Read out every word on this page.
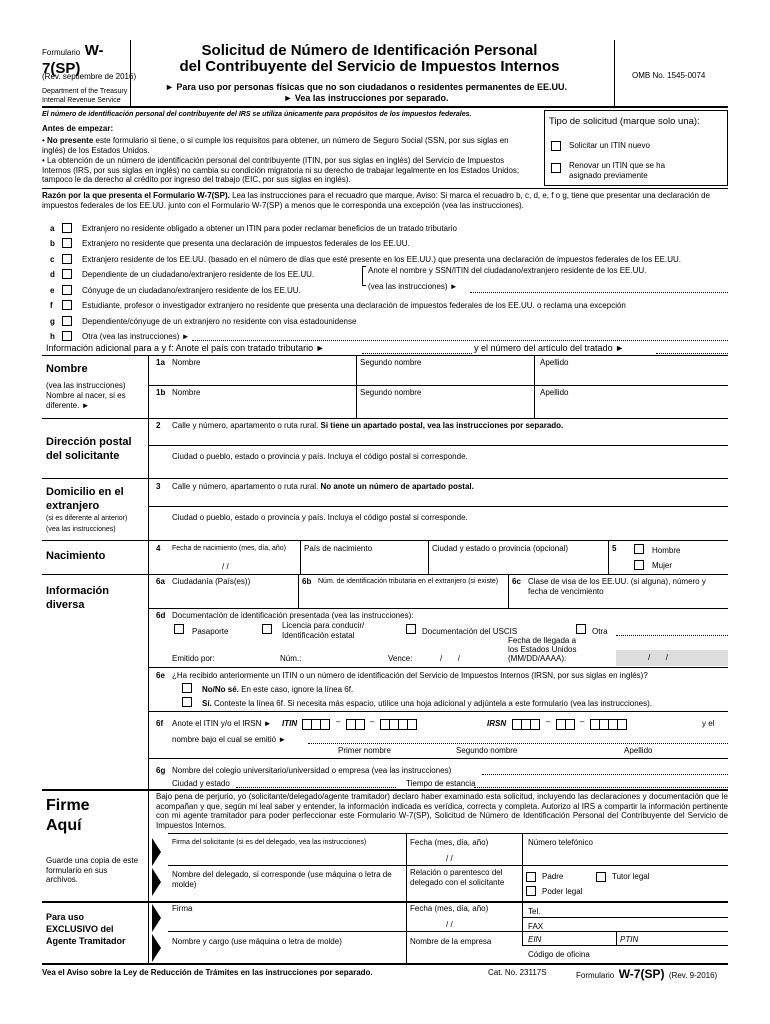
Formulario W-7(SP)
(Rev. septiembre de 2016)
Department of the Treasury
Internal Revenue Service
Solicitud de Número de Identificación Personal
del Contribuyente del Servicio de Impuestos Internos
► Para uso por personas físicas que no son ciudadanos o residentes permanentes de EE.UU.
► Vea las instrucciones por separado.
OMB No. 1545-0074
El número de identificación personal del contribuyente del IRS se utiliza únicamente para propósitos de los impuestos federales.
Antes de empezar:
• No presente este formulario si tiene, o si cumple los requisitos para obtener, un número de Seguro Social (SSN, por sus siglas en inglés) de los Estados Unidos.
• La obtención de un número de identificación personal del contribuyente (ITIN, por sus siglas en inglés) del Servicio de Impuestos Internos (IRS, por sus siglas en inglés) no cambia su condición migratoria ni su derecho de trabajar legalmente en los Estados Unidos; tampoco le da derecho al crédito por ingreso del trabajo (EIC, por sus siglas en inglés).
Tipo de solicitud (marque solo una):
Solicitar un ITIN nuevo
Renovar un ITIN que se ha
asignado previamente
Razón por la que presenta el Formulario W-7(SP). Lea las instrucciones para el recuadro que marque. Aviso: Si marca el recuadro b, c, d, e, f o g, tiene que presentar una declaración de impuestos federales de los EE.UU. junto con el Formulario W-7(SP) a menos que le corresponda una excepción (vea las instrucciones).
a	Extranjero no residente obligado a obtener un ITIN para poder reclamar beneficios de un tratado tributario
b	Extranjero no residente que presenta una declaración de impuestos federales de los EE.UU.
c	Extranjero residente de los EE.UU. (basado en el número de días que esté presente en los EE.UU.) que presenta una declaración de impuestos federales de los EE.UU.
d	Dependiente de un ciudadano/extranjero residente de los EE.UU.
e	Cónyuge de un ciudadano/extranjero residente de los EE.UU.
f	Estudiante, profesor o investigador extranjero no residente que presenta una declaración de impuestos federales de los EE.UU. o reclama una excepción
g	Dependiente/cónyuge de un extranjero no residente con visa estadounidense
h	Otra (vea las instrucciones) ►
Anote el nombre y SSN/ITIN del ciudadano/extranjero residente de los EE.UU.
(vea las instrucciones) ►
Información adicional para a y f: Anote el país con tratado tributario ►	y el número del artículo del tratado ►
Nombre
(vea las instrucciones)
Nombre al nacer, si es diferente. ►
1a Nombre	Segundo nombre	Apellido
1b Nombre	Segundo nombre	Apellido
Dirección postal
del solicitante
2 Calle y número, apartamento o ruta rural. Si tiene un apartado postal, vea las instrucciones por separado.
Ciudad o pueblo, estado o provincia y país. Incluya el código postal si corresponde.
Domicilio en el
extranjero
(si es diferente al anterior)
(vea las instrucciones)
3 Calle y número, apartamento o ruta rural. No anote un número de apartado postal.
Ciudad o pueblo, estado o provincia y país. Incluya el código postal si corresponde.
Nacimiento
4 Fecha de nacimiento (mes, día, año)
/ /
País de nacimiento	Ciudad y estado o provincia (opcional)	5	Hombre
Mujer
Información
diversa
6a Ciudadanía (País(es))	6b Núm. de identificación tributaria en el extranjero (si existe) 6c Clase de visa de los EE.UU. (si alguna), número y fecha de vencimiento
6d Documentación de identificación presentada (vea las instrucciones):
Pasaporte
Licencia para conducir/
Identificación estatal	Documentación del USCIS	Otra
Emitido por:	Núm.:	Vence:	/       /
Fecha de llegada a
los Estados Unidos
(MM/DD/AAAA):	/       /
6e ¿Ha recibido anteriormente un ITIN o un número de identificación del Servicio de Impuestos Internos (IRSN, por sus siglas en inglés)?
No/No sé. En este caso, ignore la línea 6f.
Sí. Conteste la línea 6f. Si necesita más espacio, utilice una hoja adicional y adjúntela a este formulario (vea las instrucciones).
6f Anote el ITIN y/o el IRSN ► ITIN	–	–	IRSN	–	–	y el
nombre bajo el cual se emitió ►
Primer nombre	Segundo nombre	Apellido
6g Nombre del colegio universitario/universidad o empresa (vea las instrucciones)
Ciudad y estado	Tiempo de estancia
Firme
Aquí
Guarde una copia de este formulario en sus archivos.
Bajo pena de perjurio, yo (solicitante/delegado/agente tramitador) declaro haber examinado esta solicitud, incluyendo las declaraciones y documentación que le acompañan y que, según mi leal saber y entender, la información indicada es verídica, correcta y completa. Autorizo al IRS a compartir la información pertinente con mi agente tramitador para poder perfeccionar este Formulario W-7(SP), Solicitud de Número de Identificación Personal del Contribuyente del Servicio de Impuestos Internos.
Firma del solicitante (si es del delegado, vea las instrucciones)	Fecha (mes, día, año)
/ /
Número telefónico
Nombre del delegado, si corresponde (use máquina o letra de molde)
Relación o parentesco del delegado con el solicitante
Padre	Tutor legal
Poder legal
Para uso
EXCLUSIVO del
Agente Tramitador
Firma	Fecha (mes, día, año)
/ /
Tel.
FAX
Nombre y cargo (use máquina o letra de molde)	Nombre de la empresa	EIN	PTIN
Código de oficina
Vea el Aviso sobre la Ley de Reducción de Trámites en las instrucciones por separado.	Cat. No. 23117S	Formulario W-7(SP) (Rev. 9-2016)
